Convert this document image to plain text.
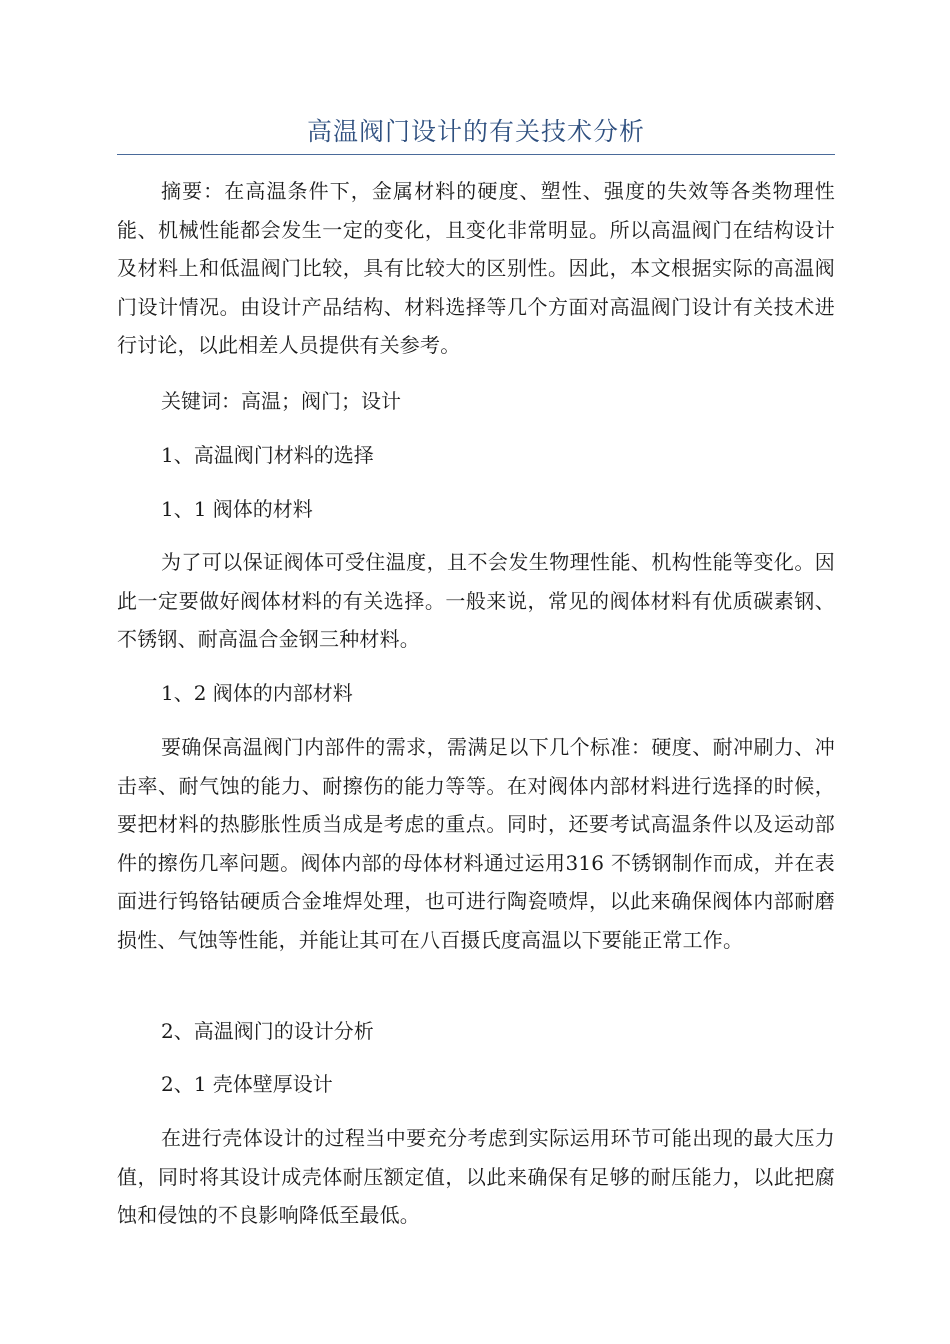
高温阀门设计的有关技术分析
摘要：在高温条件下，金属材料的硬度、塑性、强度的失效等各类物理性能、机械性能都会发生一定的变化，且变化非常明显。所以高温阀门在结构设计及材料上和低温阀门比较，具有比较大的区别性。因此，本文根据实际的高温阀门设计情况。由设计产品结构、材料选择等几个方面对高温阀门设计有关技术进行讨论，以此相差人员提供有关参考。
关键词：高温；阀门；设计
1、高温阀门材料的选择
1、1 阀体的材料
为了可以保证阀体可受住温度，且不会发生物理性能、机构性能等变化。因此一定要做好阀体材料的有关选择。一般来说，常见的阀体材料有优质碳素钢、不锈钢、耐高温合金钢三种材料。
1、2 阀体的内部材料
要确保高温阀门内部件的需求，需满足以下几个标准：硬度、耐冲刷力、冲击率、耐气蚀的能力、耐擦伤的能力等等。在对阀体内部材料进行选择的时候，要把材料的热膨胀性质当成是考虑的重点。同时，还要考试高温条件以及运动部件的擦伤几率问题。阀体内部的母体材料通过运用316 不锈钢制作而成，并在表面进行钨铬钴硬质合金堆焊处理，也可进行陶瓷喷焊，以此来确保阀体内部耐磨损性、气蚀等性能，并能让其可在八百摄氏度高温以下要能正常工作。
2、高温阀门的设计分析
2、1 壳体壁厚设计
在进行壳体设计的过程当中要充分考虑到实际运用环节可能出现的最大压力值，同时将其设计成壳体耐压额定值，以此来确保有足够的耐压能力，以此把腐蚀和侵蚀的不良影响降低至最低。
